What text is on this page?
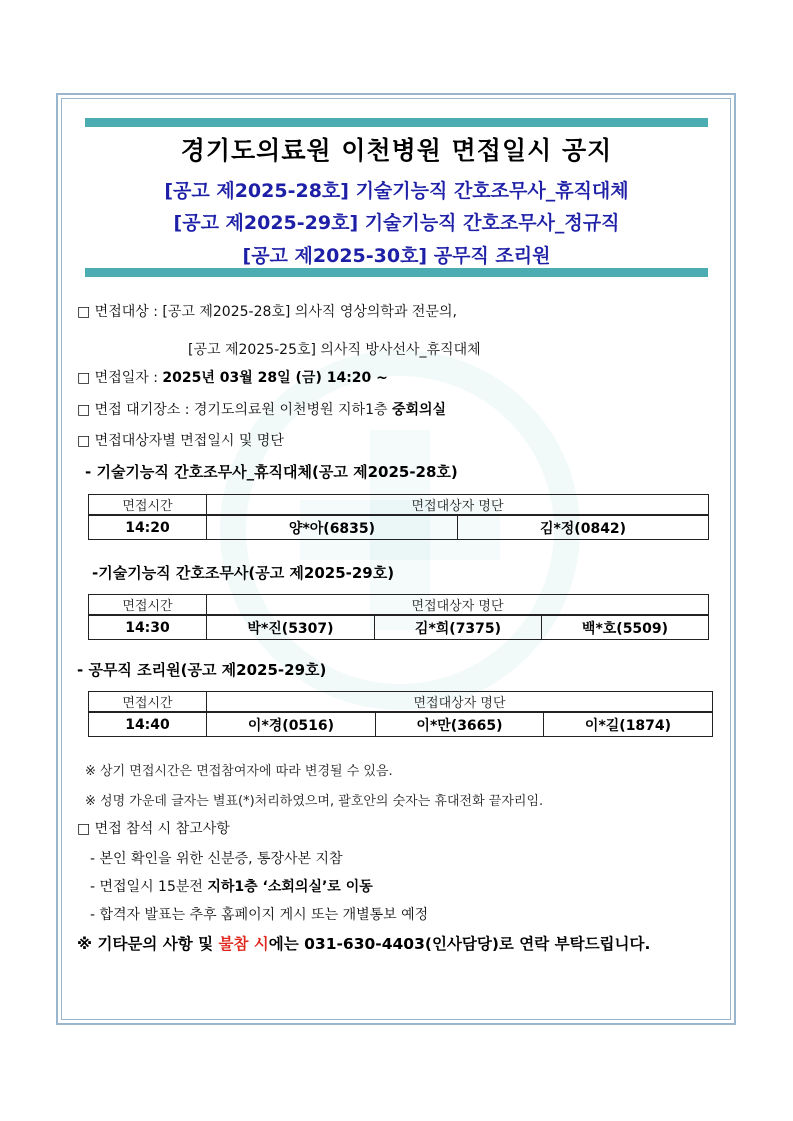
경기도의료원 이천병원 면접일시 공지
[공고 제2025-28호] 기술기능직 간호조무사_휴직대체
[공고 제2025-29호] 기술기능직 간호조무사_정규직
[공고 제2025-30호] 공무직 조리원
□ 면접대상 : [공고 제2025-28호] 의사직 영상의학과 전문의,
[공고 제2025-25호] 의사직 방사선사_휴직대체
□ 면접일자 : 2025년 03월 28일 (금) 14:20 ~
□ 면접 대기장소 : 경기도의료원 이천병원 지하1층 중회의실
□ 면접대상자별 면접일시 및 명단
- 기술기능직 간호조무사_휴직대체(공고 제2025-28호)
면접시간	면접대상자 명단	
14:20	양*아(6835)	김*정(0842)
-기술기능직 간호조무사(공고 제2025-29호)
면접시간	면접대상자 명단		
14:30	박*진(5307)	김*희(7375)	백*호(5509)
- 공무직 조리원(공고 제2025-29호)
면접시간	면접대상자 명단		
14:40	이*경(0516)	이*만(3665)	이*길(1874)
※ 상기 면접시간은 면접참여자에 따라 변경될 수 있음.
※ 성명 가운데 글자는 별표(*)처리하였으며, 괄호안의 숫자는 휴대전화 끝자리임.
□ 면접 참석 시 참고사항
- 본인 확인을 위한 신분증, 통장사본 지참
- 면접일시 15분전 지하1층 ‘소회의실’로 이동
- 합격자 발표는 추후 홈페이지 게시 또는 개별통보 예정
※ 기타문의 사항 및 불참 시에는 031-630-4403(인사담당)로 연락 부탁드립니다.
